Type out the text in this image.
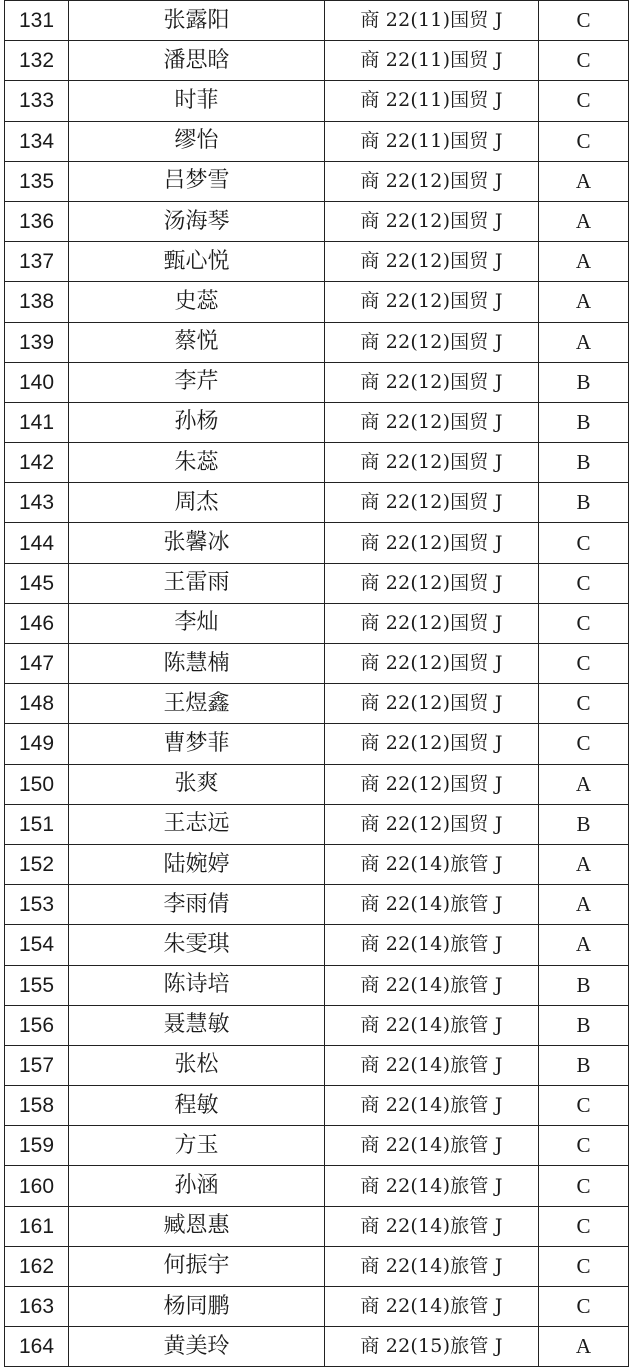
131	张露阳	商 22(11)国贸 J	C
132	潘思晗	商 22(11)国贸 J	C
133	时菲	商 22(11)国贸 J	C
134	缪怡	商 22(11)国贸 J	C
135	吕梦雪	商 22(12)国贸 J	A
136	汤海琴	商 22(12)国贸 J	A
137	甄心悦	商 22(12)国贸 J	A
138	史蕊	商 22(12)国贸 J	A
139	蔡悦	商 22(12)国贸 J	A
140	李芹	商 22(12)国贸 J	B
141	孙杨	商 22(12)国贸 J	B
142	朱蕊	商 22(12)国贸 J	B
143	周杰	商 22(12)国贸 J	B
144	张馨冰	商 22(12)国贸 J	C
145	王雷雨	商 22(12)国贸 J	C
146	李灿	商 22(12)国贸 J	C
147	陈慧楠	商 22(12)国贸 J	C
148	王煜鑫	商 22(12)国贸 J	C
149	曹梦菲	商 22(12)国贸 J	C
150	张爽	商 22(12)国贸 J	A
151	王志远	商 22(12)国贸 J	B
152	陆婉婷	商 22(14)旅管 J	A
153	李雨倩	商 22(14)旅管 J	A
154	朱雯琪	商 22(14)旅管 J	A
155	陈诗培	商 22(14)旅管 J	B
156	聂慧敏	商 22(14)旅管 J	B
157	张松	商 22(14)旅管 J	B
158	程敏	商 22(14)旅管 J	C
159	方玉	商 22(14)旅管 J	C
160	孙涵	商 22(14)旅管 J	C
161	臧恩惠	商 22(14)旅管 J	C
162	何振宇	商 22(14)旅管 J	C
163	杨同鹏	商 22(14)旅管 J	C
164	黄美玲	商 22(15)旅管 J	A
